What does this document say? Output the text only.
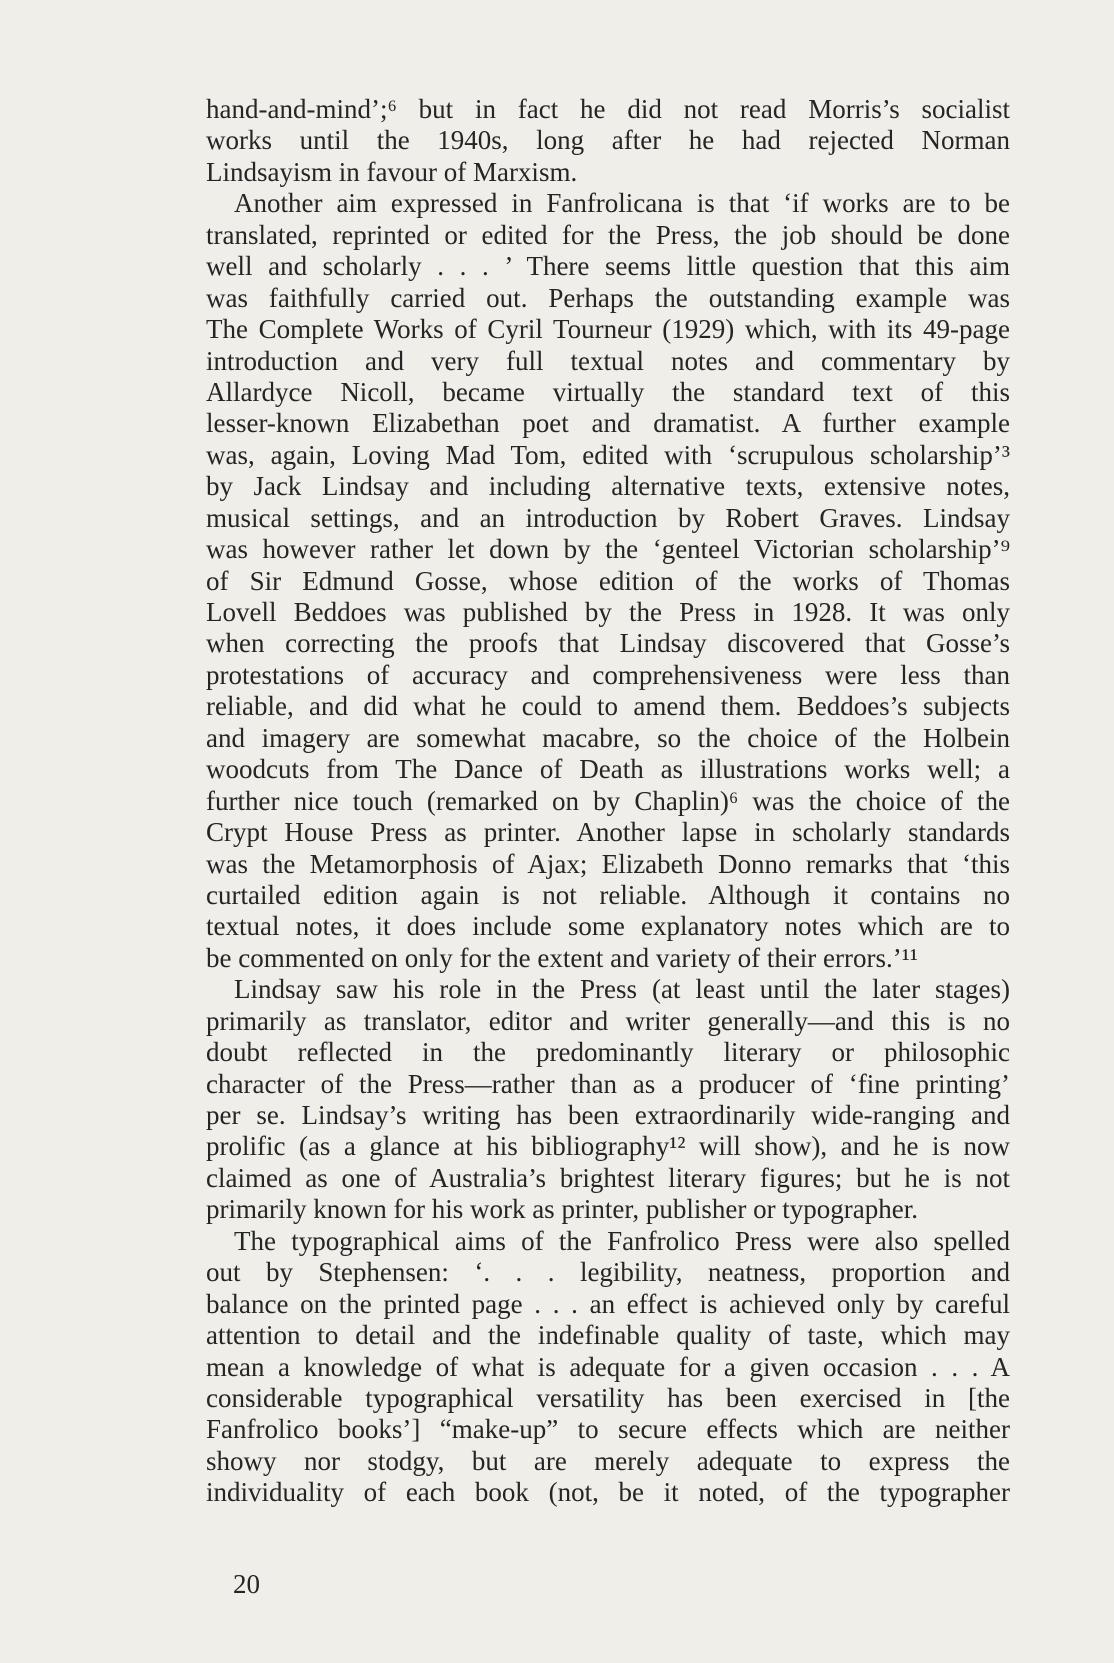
hand-and-mind’;⁶ but in fact he did not read Morris’s socialist
works until the 1940s, long after he had rejected Norman
Lindsayism in favour of Marxism.
Another aim expressed in Fanfrolicana is that ‘if works are to be
translated, reprinted or edited for the Press, the job should be done
well and scholarly . . . ’ There seems little question that this aim
was faithfully carried out. Perhaps the outstanding example was
The Complete Works of Cyril Tourneur (1929) which, with its 49-page
introduction and very full textual notes and commentary by
Allardyce Nicoll, became virtually the standard text of this
lesser-known Elizabethan poet and dramatist. A further example
was, again, Loving Mad Tom, edited with ‘scrupulous scholarship’³
by Jack Lindsay and including alternative texts, extensive notes,
musical settings, and an introduction by Robert Graves. Lindsay
was however rather let down by the ‘genteel Victorian scholarship’⁹
of Sir Edmund Gosse, whose edition of the works of Thomas
Lovell Beddoes was published by the Press in 1928. It was only
when correcting the proofs that Lindsay discovered that Gosse’s
protestations of accuracy and comprehensiveness were less than
reliable, and did what he could to amend them. Beddoes’s subjects
and imagery are somewhat macabre, so the choice of the Holbein
woodcuts from The Dance of Death as illustrations works well; a
further nice touch (remarked on by Chaplin)⁶ was the choice of the
Crypt House Press as printer. Another lapse in scholarly standards
was the Metamorphosis of Ajax; Elizabeth Donno remarks that ‘this
curtailed edition again is not reliable. Although it contains no
textual notes, it does include some explanatory notes which are to
be commented on only for the extent and variety of their errors.’¹¹
Lindsay saw his role in the Press (at least until the later stages)
primarily as translator, editor and writer generally—and this is no
doubt reflected in the predominantly literary or philosophic
character of the Press—rather than as a producer of ‘fine printing’
per se. Lindsay’s writing has been extraordinarily wide-ranging and
prolific (as a glance at his bibliography¹² will show), and he is now
claimed as one of Australia’s brightest literary figures; but he is not
primarily known for his work as printer, publisher or typographer.
The typographical aims of the Fanfrolico Press were also spelled
out by Stephensen: ‘. . . legibility, neatness, proportion and
balance on the printed page . . . an effect is achieved only by careful
attention to detail and the indefinable quality of taste, which may
mean a knowledge of what is adequate for a given occasion . . . A
considerable typographical versatility has been exercised in [the
Fanfrolico books’] “make-up” to secure effects which are neither
showy nor stodgy, but are merely adequate to express the
individuality of each book (not, be it noted, of the typographer
20
